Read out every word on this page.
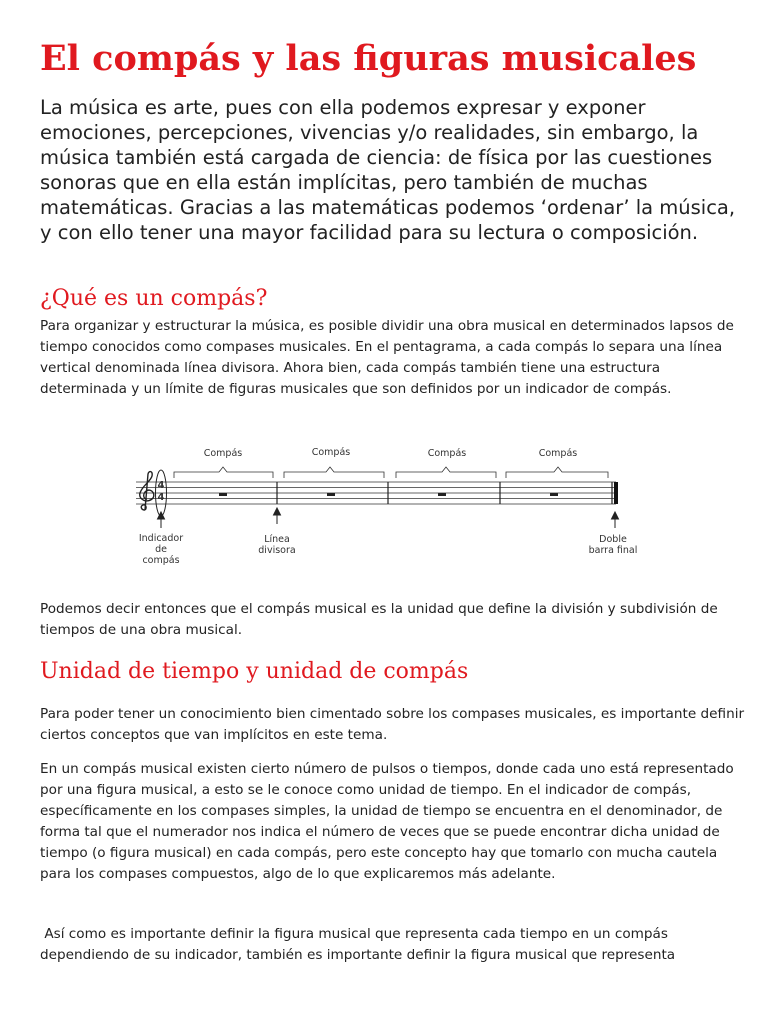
El compás y las figuras musicales

La música es arte, pues con ella podemos expresar y exponer emociones, percepciones, vivencias y/o realidades, sin embargo, la música también está cargada de ciencia: de física por las cuestiones sonoras que en ella están implícitas, pero también de muchas matemáticas. Gracias a las matemáticas podemos ‘ordenar’ la música, y con ello tener una mayor facilidad para su lectura o composición.

¿Qué es un compás?

Para organizar y estructurar la música, es posible dividir una obra musical en determinados lapsos de tiempo conocidos como compases musicales. En el pentagrama, a cada compás lo separa una línea vertical denominada línea divisora. Ahora bien, cada compás también tiene una estructura determinada y un límite de figuras musicales que son definidos por un indicador de compás.

4
4
Compás	Compás	Compás	Compás
Indicador
de
compás
Línea
divisora
Doble
barra final

Podemos decir entonces que el compás musical es la unidad que define la división y subdivisión de tiempos de una obra musical.

Unidad de tiempo y unidad de compás

Para poder tener un conocimiento bien cimentado sobre los compases musicales, es importante definir ciertos conceptos que van implícitos en este tema.

En un compás musical existen cierto número de pulsos o tiempos, donde cada uno está representado por una figura musical, a esto se le conoce como unidad de tiempo. En el indicador de compás, específicamente en los compases simples, la unidad de tiempo se encuentra en el denominador, de forma tal que el numerador nos indica el número de veces que se puede encontrar dicha unidad de tiempo (o figura musical) en cada compás, pero este concepto hay que tomarlo con mucha cautela para los compases compuestos, algo de lo que explicaremos más adelante.

Así como es importante definir la figura musical que representa cada tiempo en un compás dependiendo de su indicador, también es importante definir la figura musical que representa
